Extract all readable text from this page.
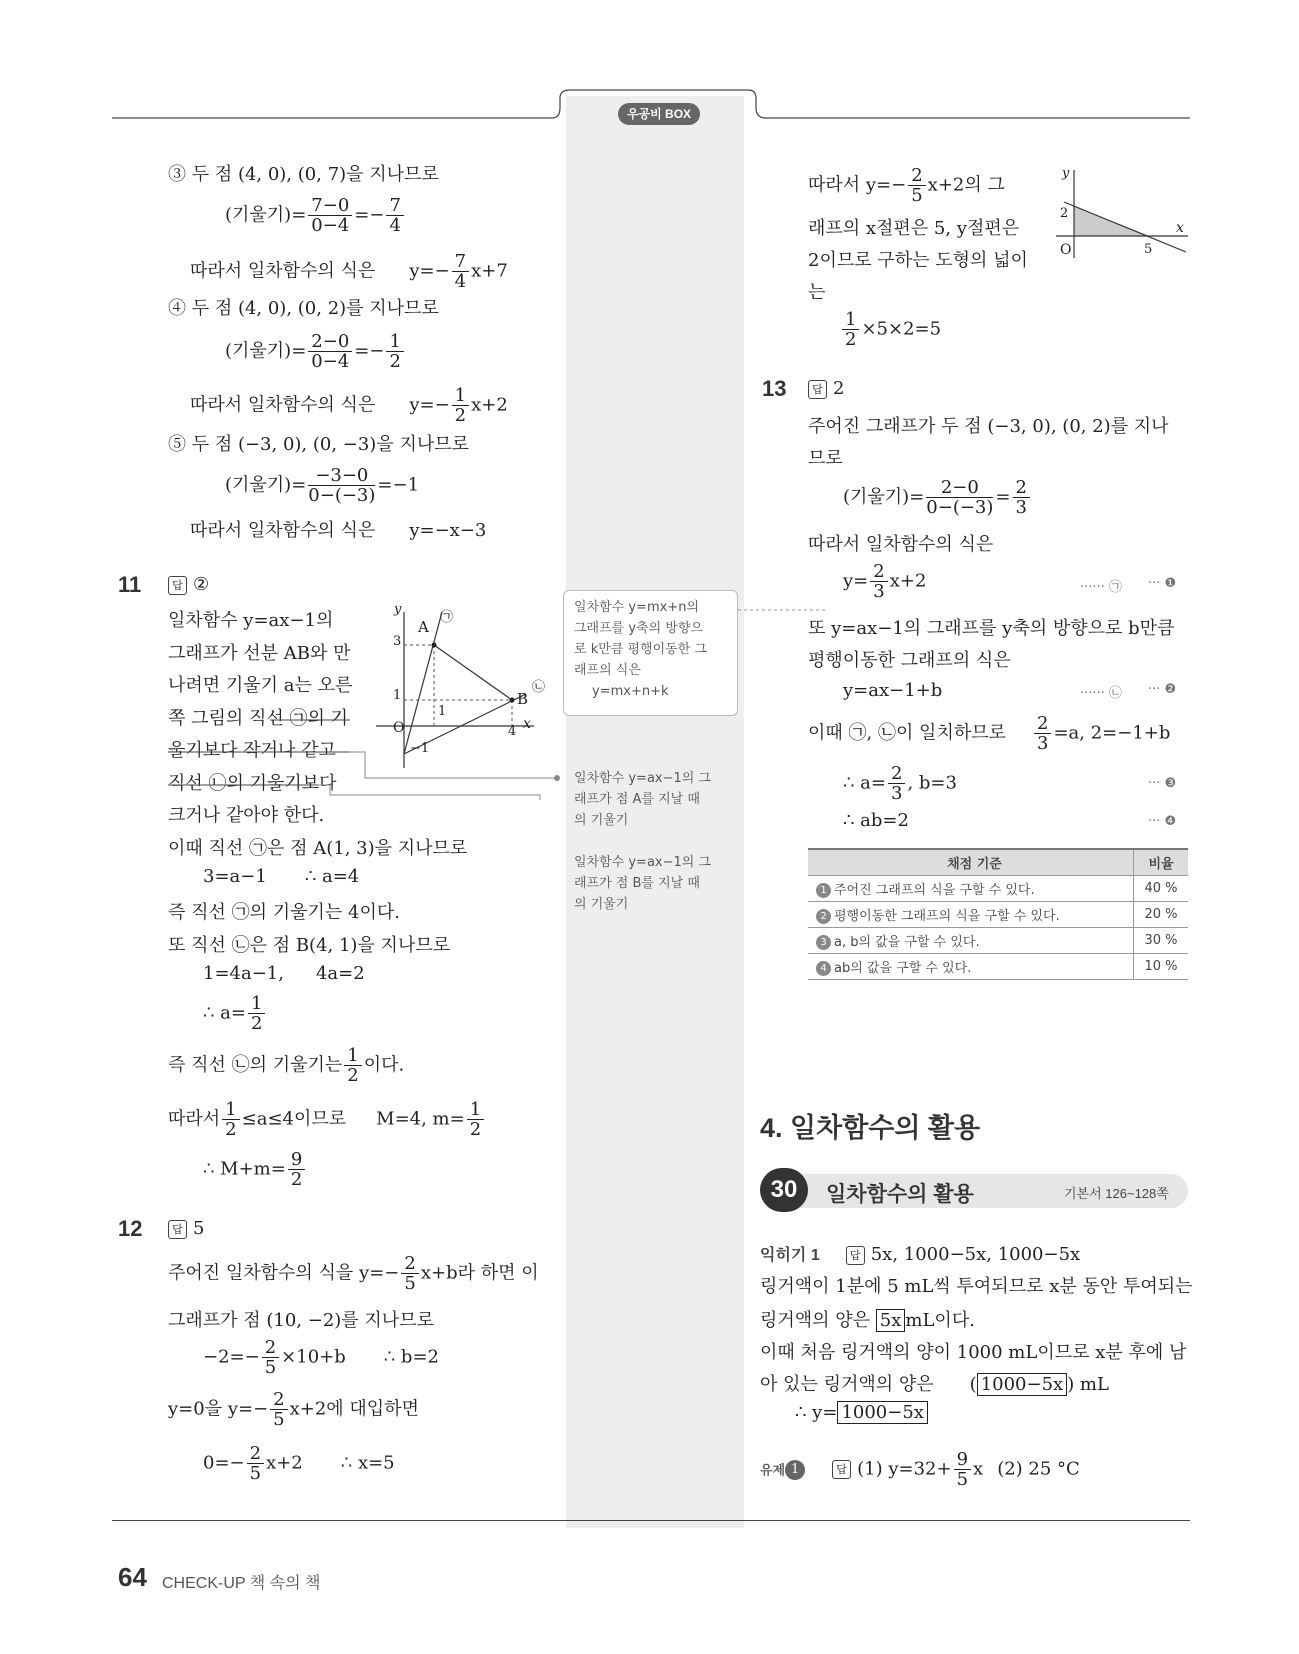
우공비 BOX
③ 두 점 (4, 0), (0, 7)을 지나므로
(기울기)= $\frac{7-0}{0-4} =- \frac{7}{4}$
따라서 일차함수의 식은 $y=- \frac{7}{4} x+7$
④ 두 점 (4, 0), (0, 2)를 지나므로
(기울기)= $\frac{2-0}{0-4} =- \frac{1}{2}$
따라서 일차함수의 식은 $y=- \frac{1}{2} x+2$
⑤ 두 점 (−3, 0), (0, −3)을 지나므로
(기울기)= $\frac{-3-0}{0-(-3)} =-1$
따라서 일차함수의 식은 y=−x−3
11	답 ②
일차함수 y=ax−1의
그래프가 선분 AB와 만
나려면 기울기 a는 오른
쪽 그림의 직선 ㉠의 기
울기보다 작거나 같고
직선 ㉡의 기울기보다
크거나 같아야 한다.
이때 직선 ㉠은 점 A(1, 3)을 지나므로
3=a−1 ∴ a=4
즉 직선 ㉠의 기울기는 4이다.
또 직선 ㉡은 점 B(4, 1)을 지나므로
1=4a−1, 4a=2
∴ $a= \frac{1}{2}$
즉 직선 ㉡의 기울기는 $\frac{1}{2}$ 이다.
따라서 $\frac{1}{2} \le a\le 4$이므로 M=4, $m= \frac{1}{2}$
∴ $M+m= \frac{9}{2}$
y
x
O
A
B
3
1
−1
1
4
㉠
㉡
12	답 5
주어진 일차함수의 식을 $y=- \frac{2}{5} x+b$라 하면 이
그래프가 점 (10, −2)를 지나므로
$-2=- \frac{2}{5} \times 10+b$ ∴ b=2
y=0을 $y=- \frac{2}{5} x+2$에 대입하면
$0=- \frac{2}{5} x+2$ ∴ x=5
일차함수 y=mx+n의
그래프를 y축의 방향으
로 k만큼 평행이동한 그
래프의 식은
y=mx+n+k
일차함수 y=ax−1의 그
래프가 점 A를 지날 때
의 기울기
일차함수 y=ax−1의 그
래프가 점 B를 지날 때
의 기울기
따라서 $y=- \frac{2}{5} x+2$의 그
래프의 x절편은 5, y절편은
2이므로 구하는 도형의 넓이
는
$\frac{1}{2} \times 5\times 2=5$
y
x
O
2
5
13	답 2
주어진 그래프가 두 점 (−3, 0), (0, 2)를 지나
므로
(기울기)= $\frac{2-0}{0-(-3)} = \frac{2}{3}$
따라서 일차함수의 식은
$y= \frac{2}{3} x+2$	······ ㉠ ··· ❶
또 y=ax−1의 그래프를 y축의 방향으로 b만큼
평행이동한 그래프의 식은
y=ax−1+b	······ ㉡ ··· ❷
이때 ㉠, ㉡이 일치하므로 $\frac{2}{3} =a$, 2=−1+b
∴ $a= \frac{2}{3}$ , b=3	··· ❸
∴ ab=2	··· ❹
채점 기준	비율
1 주어진 그래프의 식을 구할 수 있다.	40 %
2 평행이동한 그래프의 식을 구할 수 있다.	20 %
3 a, b의 값을 구할 수 있다.	30 %
4 ab의 값을 구할 수 있다.	10 %
4. 일차함수의 활용
30	일차함수의 활용	기본서 126~128쪽
익히기 1	답 5x, 1000−5x, 1000−5x
링거액이 1분에 5 mL씩 투여되므로 x분 동안 투여되는
링거액의 양은 5x mL이다.
이때 처음 링거액의 양이 1000 mL이므로 x분 후에 남
아 있는 링거액의 양은 ( 1000−5x ) mL
∴ y= 1000−5x
유제 1	답 (1) $y=32+ \frac{9}{5}$ x (2) 25 °C
64 CHECK-UP 책 속의 책
